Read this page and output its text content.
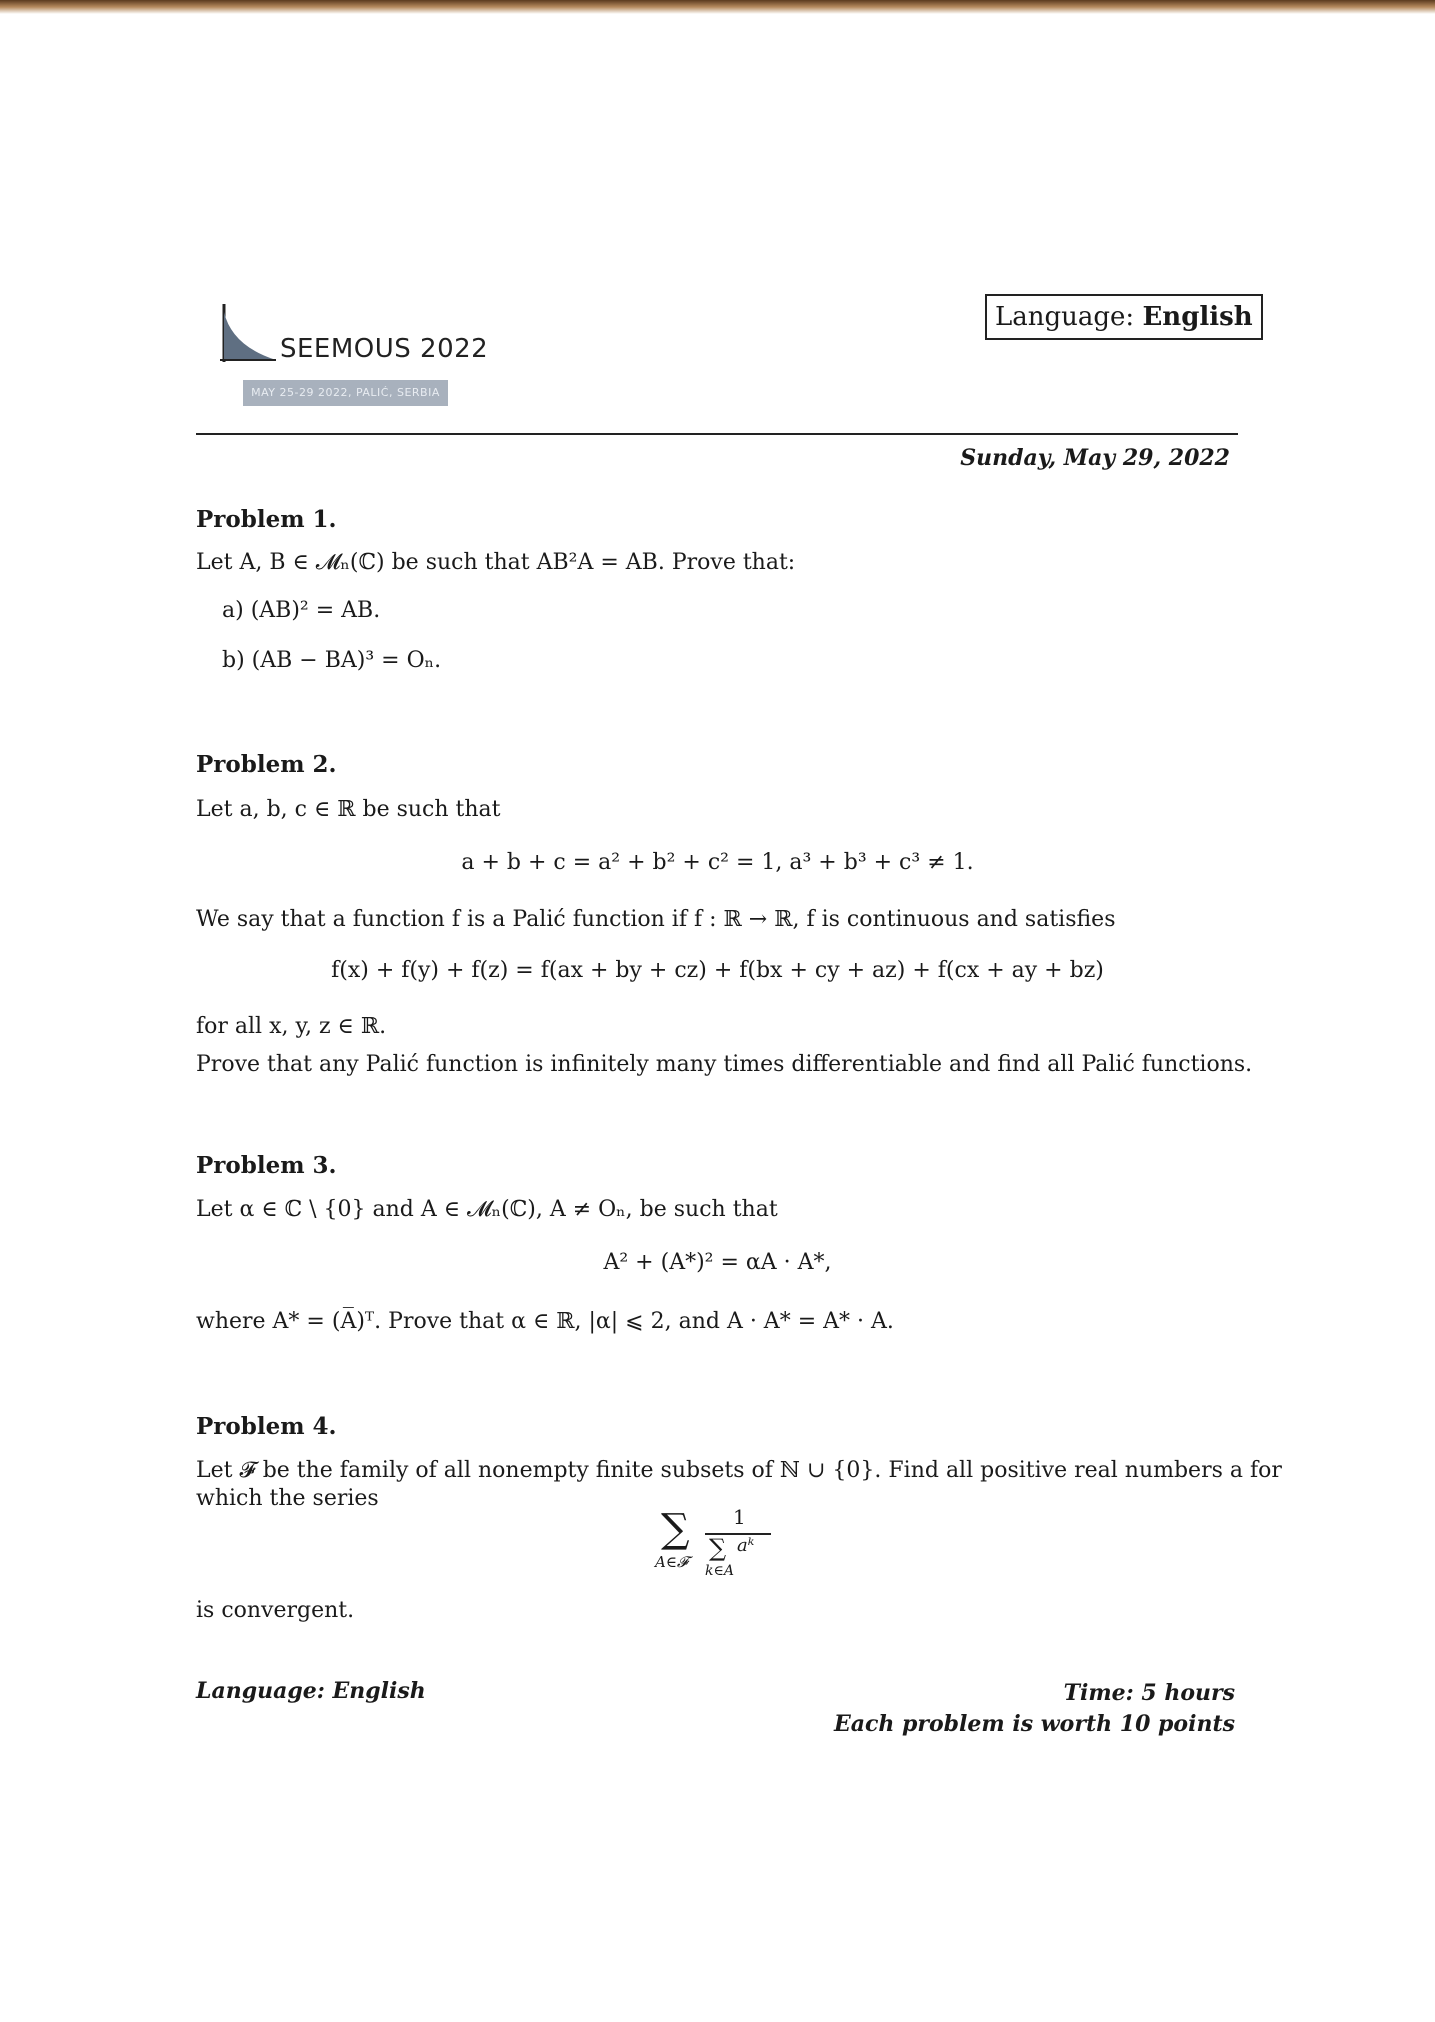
Language: English
SEEMOUS 2022
MAY 25-29 2022, PALIĆ, SERBIA
Sunday, May 29, 2022
Problem 1.
Let A, B ∈ 𝓜ₙ(ℂ) be such that AB²A = AB. Prove that:
a) (AB)² = AB.
b) (AB − BA)³ = Oₙ.
Problem 2.
Let a, b, c ∈ ℝ be such that
a + b + c = a² + b² + c² = 1, a³ + b³ + c³ ≠ 1.
We say that a function f is a Palić function if f : ℝ → ℝ, f is continuous and satisfies
f(x) + f(y) + f(z) = f(ax + by + cz) + f(bx + cy + az) + f(cx + ay + bz)
for all x, y, z ∈ ℝ.
Prove that any Palić function is infinitely many times differentiable and find all Palić functions.
Problem 3.
Let α ∈ ℂ \ {0} and A ∈ 𝓜ₙ(ℂ), A ≠ Oₙ, be such that
A² + (A*)² = αA · A*,
where A* = (A̅)ᵀ. Prove that α ∈ ℝ, |α| ⩽ 2, and A · A* = A* · A.
Problem 4.
Let 𝓕 be the family of all nonempty finite subsets of ℕ ∪ {0}. Find all positive real numbers a for
which the series
∑
A∈𝓕
1
∑ aᵏ
k∈A
is convergent.
Language: English	Time: 5 hours
Each problem is worth 10 points
